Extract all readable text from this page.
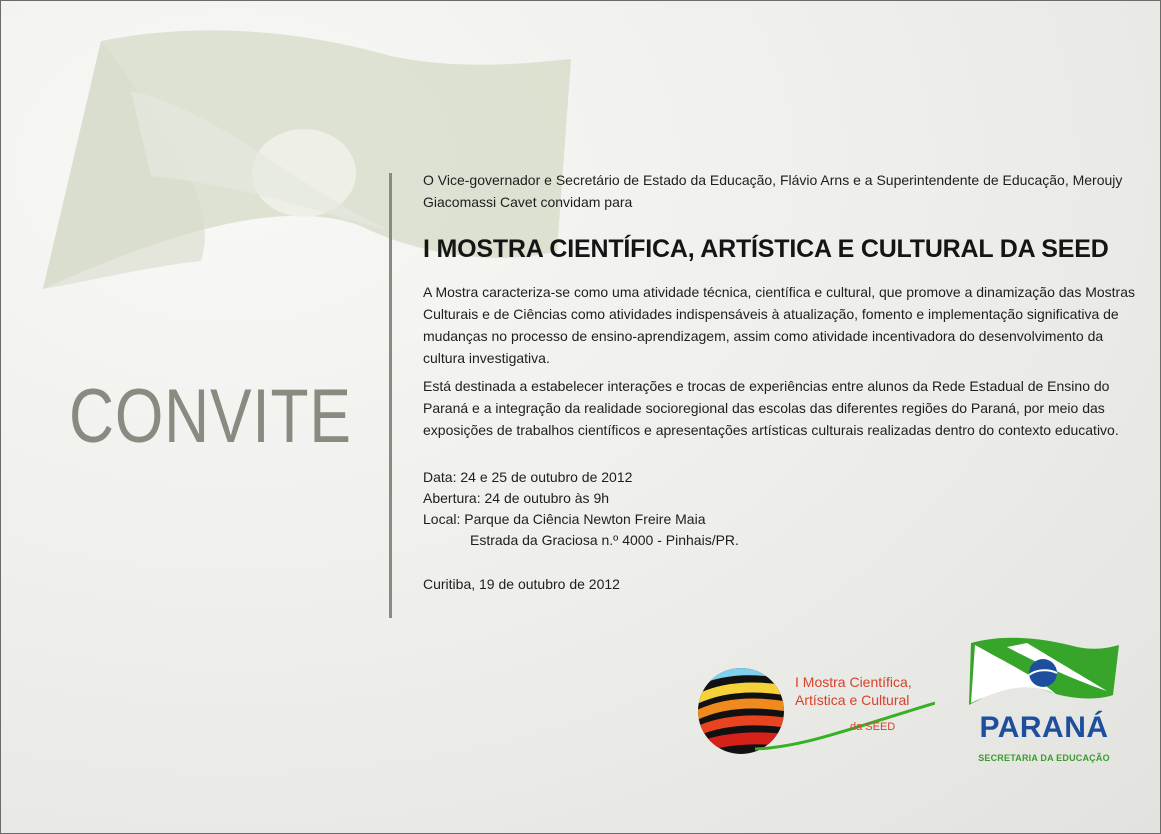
CONVITE

O Vice-governador e Secretário de Estado da Educação, Flávio Arns e a Superintendente de Educação, Meroujy Giacomassi Cavet convidam para

I MOSTRA CIENTÍFICA, ARTÍSTICA E CULTURAL DA SEED

A Mostra caracteriza-se como uma atividade técnica, científica e cultural, que promove a dinamização das Mostras Culturais e de Ciências como atividades indispensáveis à atualização, fomento e implementação significativa de mudanças no processo de ensino-aprendizagem, assim como atividade incentivadora do desenvolvimento da cultura investigativa.

Está destinada a estabelecer interações e trocas de experiências entre alunos da Rede Estadual de Ensino do Paraná e a integração da realidade socioregional das escolas das diferentes regiões do Paraná, por meio das exposições de trabalhos científicos e apresentações artísticas culturais realizadas dentro do contexto educativo.

Data: 24 e 25 de outubro de 2012
Abertura: 24 de outubro às 9h
Local: Parque da Ciência Newton Freire Maia
Estrada da Graciosa n.º 4000 - Pinhais/PR.
Curitiba, 19 de outubro de 2012
I Mostra Científica,
Artística e Cultural
da SEED	PARANÁ
SECRETARIA DA EDUCAÇÃO
